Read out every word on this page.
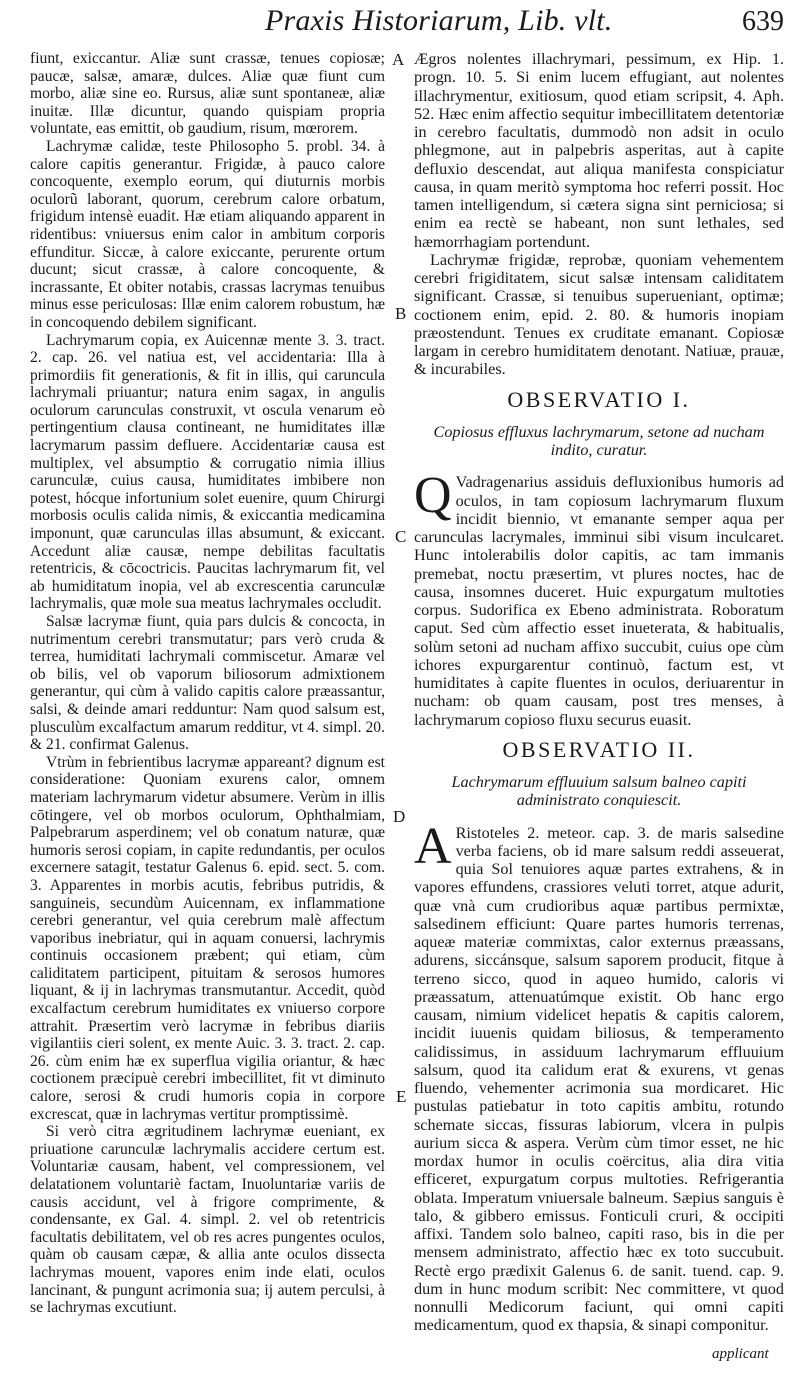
Praxis Historiarum, Lib. vlt.	639

fiunt, exiccantur. Aliæ sunt crassæ, tenues copiosæ; paucæ, salsæ, amaræ, dulces. Aliæ quæ fiunt cum morbo, aliæ sine eo. Rursus, aliæ sunt spontaneæ, aliæ inuitæ. Illæ dicuntur, quando quispiam propria voluntate, eas emittit, ob gaudium, risum, mœrorem.

Lachrymæ calidæ, teste Philosopho 5. probl. 34. à calore capitis generantur. Frigidæ, à pauco calore concoquente, exemplo eorum, qui diuturnis morbis oculorũ laborant, quorum, cerebrum calore orbatum, frigidum intensè euadit. Hæ etiam aliquando apparent in ridentibus: vniuersus enim calor in ambitum corporis effunditur. Siccæ, à calore exiccante, perurente ortum ducunt; sicut crassæ, à calore concoquente, & incrassante, Et obiter notabis, crassas lacrymas tenuibus minus esse periculosas: Illæ enim calorem robustum, hæ in concoquendo debilem significant.

Lachrymarum copia, ex Auicennæ mente 3. 3. tract. 2. cap. 26. vel natiua est, vel accidentaria: Illa à primordiis fit generationis, & fit in illis, qui caruncula lachrymali priuantur; natura enim sagax, in angulis oculorum carunculas construxit, vt oscula venarum eò pertingentium clausa contineant, ne humiditates illæ lacrymarum passim defluere. Accidentariæ causa est multiplex, vel absumptio & corrugatio nimia illius carunculæ, cuius causa, humiditates imbibere non potest, hócque infortunium solet euenire, quum Chirurgi morbosis oculis calida nimis, & exiccantia medicamina imponunt, quæ carunculas illas absumunt, & exiccant. Accedunt aliæ causæ, nempe debilitas facultatis retentricis, & cōcoctricis. Paucitas lachrymarum fit, vel ab humiditatum inopia, vel ab excrescentia carunculæ lachrymalis, quæ mole sua meatus lachrymales occludit.

Salsæ lacrymæ fiunt, quia pars dulcis & concocta, in nutrimentum cerebri transmutatur; pars verò cruda & terrea, humiditati lachrymali commiscetur. Amaræ vel ob bilis, vel ob vaporum biliosorum admixtionem generantur, qui cùm à valido capitis calore præassantur, salsi, & deinde amari redduntur: Nam quod salsum est, plusculùm excalfactum amarum redditur, vt 4. simpl. 20. & 21. confirmat Galenus.

Vtrùm in febrientibus lacrymæ appareant? dignum est consideratione: Quoniam exurens calor, omnem materiam lachrymarum videtur absumere. Verùm in illis cōtingere, vel ob morbos oculorum, Ophthalmiam, Palpebrarum asperdinem; vel ob conatum naturæ, quæ humoris serosi copiam, in capite redundantis, per oculos excernere satagit, testatur Galenus 6. epid. sect. 5. com. 3. Apparentes in morbis acutis, febribus putridis, & sanguineis, secundùm Auicennam, ex inflammatione cerebri generantur, vel quia cerebrum malè affectum vaporibus inebriatur, qui in aquam conuersi, lachrymis continuis occasionem præbent; qui etiam, cùm caliditatem participent, pituitam & serosos humores liquant, & ij in lachrymas transmutantur. Accedit, quòd excalfactum cerebrum humiditates ex vniuerso corpore attrahit. Præsertim verò lacrymæ in febribus diariis vigilantiis cieri solent, ex mente Auic. 3. 3. tract. 2. cap. 26. cùm enim hæ ex superflua vigilia oriantur, & hæc coctionem præcipuè cerebri imbecillitet, fit vt diminuto calore, serosi & crudi humoris copia in corpore excrescat, quæ in lachrymas vertitur promptissimè.

Si verò citra ægritudinem lachrymæ eueniant, ex priuatione carunculæ lachrymalis accidere certum est. Voluntariæ causam, habent, vel compressionem, vel delatationem voluntariè factam, Inuoluntariæ variis de causis accidunt, vel à frigore comprimente, & condensante, ex Gal. 4. simpl. 2. vel ob retentricis facultatis debilitatem, vel ob res acres pungentes oculos, quàm ob causam cæpæ, & allia ante oculos dissecta lachrymas mouent, vapores enim inde elati, oculos lancinant, & pungunt acrimonia sua; ij autem perculsi, à se lachrymas excutiunt.

Ægros nolentes illachrymari, pessimum, ex Hip. 1. progn. 10. 5. Si enim lucem effugiant, aut nolentes illachrymentur, exitiosum, quod etiam scripsit, 4. Aph. 52. Hæc enim affectio sequitur imbecillitatem detentoriæ in cerebro facultatis, dummodò non adsit in oculo phlegmone, aut in palpebris asperitas, aut à capite defluxio descendat, aut aliqua manifesta conspiciatur causa, in quam meritò symptoma hoc referri possit. Hoc tamen intelligendum, si cætera signa sint perniciosa; si enim ea rectè se habeant, non sunt lethales, sed hæmorrhagiam portendunt.

Lachrymæ frigidæ, reprobæ, quoniam vehementem cerebri frigiditatem, sicut salsæ intensam caliditatem significant. Crassæ, si tenuibus superueniant, optimæ; coctionem enim, epid. 2. 80. & humoris inopiam præostendunt. Tenues ex cruditate emanant. Copiosæ largam in cerebro humiditatem denotant. Natiuæ, prauæ, & incurabiles.

OBSERVATIO I.
Copiosus effluxus lachrymarum, setone ad nucham indito, curatur.

Q Vadragenarius assiduis defluxionibus humoris ad oculos, in tam copiosum lachrymarum fluxum incidit biennio, vt emanante semper aqua per carunculas lacrymales, imminui sibi visum inculcaret. Hunc intolerabilis dolor capitis, ac tam immanis premebat, noctu præsertim, vt plures noctes, hac de causa, insomnes duceret. Huic expurgatum multoties corpus. Sudorifica ex Ebeno administrata. Roboratum caput. Sed cùm affectio esset inueterata, & habitualis, solùm setoni ad nucham affixo succubit, cuius ope cùm ichores expurgarentur continuò, factum est, vt humiditates à capite fluentes in oculos, deriuarentur in nucham: ob quam causam, post tres menses, à lachrymarum copioso fluxu securus euasit.

OBSERVATIO II.
Lachrymarum effluuium salsum balneo capiti administrato conquiescit.

A Ristoteles 2. meteor. cap. 3. de maris salsedine verba faciens, ob id mare salsum reddi asseuerat, quia Sol tenuiores aquæ partes extrahens, & in vapores effundens, crassiores veluti torret, atque adurit, quæ vnà cum crudioribus aquæ partibus permixtæ, salsedinem efficiunt: Quare partes humoris terrenas, aqueæ materiæ commixtas, calor externus præassans, adurens, siccánsque, salsum saporem producit, fitque à terreno sicco, quod in aqueo humido, caloris vi præassatum, attenuatúmque existit. Ob hanc ergo causam, nimium videlicet hepatis & capitis calorem, incidit iuuenis quidam biliosus, & temperamento calidissimus, in assiduum lachrymarum effluuium salsum, quod ita calidum erat & exurens, vt genas fluendo, vehementer acrimonia sua mordicaret. Hic pustulas patiebatur in toto capitis ambitu, rotundo schemate siccas, fissuras labiorum, vlcera in pulpis aurium sicca & aspera. Verùm cùm timor esset, ne hic mordax humor in oculis coërcitus, alia dira vitia efficeret, expurgatum corpus multoties. Refrigerantia oblata. Imperatum vniuersale balneum. Sæpius sanguis è talo, & gibbero emissus. Fonticuli cruri, & occipiti affixi. Tandem solo balneo, capiti raso, bis in die per mensem administrato, affectio hæc ex toto succubuit. Rectè ergo prædixit Galenus 6. de sanit. tuend. cap. 9. dum in hunc modum scribit: Nec committere, vt quod nonnulli Medicorum faciunt, qui omni capiti medicamentum, quod ex thapsia, & sinapi componitur.

A
B
C
D
E
applicant
